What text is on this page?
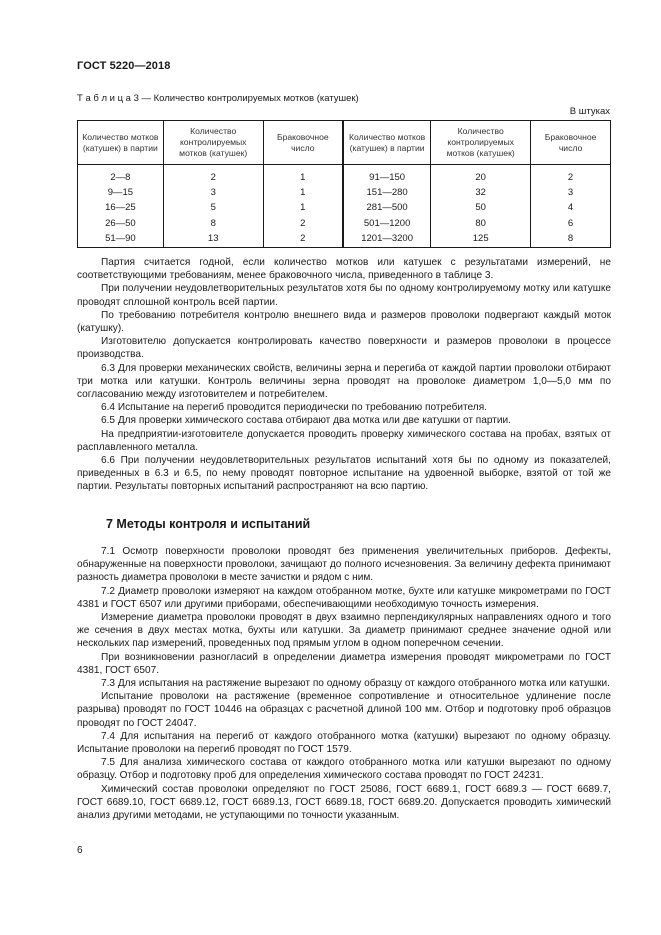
ГОСТ 5220—2018
Т а б л и ц а 3 — Количество контролируемых мотков (катушек)
В штуках
Количество мотков (катушек) в партии	Количество контролируемых мотков (катушек)	Браковочное число	Количество мотков (катушек) в партии	Количество контролируемых мотков (катушек)	Браковочное число
2—8	2	1	91—150	20	2
9—15	3	1	151—280	32	3
16—25	5	1	281—500	50	4
26—50	8	2	501—1200	80	6
51—90	13	2	1201—3200	125	8

Партия считается годной, если количество мотков или катушек с результатами измерений, не соответствующими требованиям, менее браковочного числа, приведенного в таблице 3.

При получении неудовлетворительных результатов хотя бы по одному контролируемому мотку или катушке проводят сплошной контроль всей партии.

По требованию потребителя контролю внешнего вида и размеров проволоки подвергают каждый моток (катушку).

Изготовителю допускается контролировать качество поверхности и размеров проволоки в процессе производства.

6.3 Для проверки механических свойств, величины зерна и перегиба от каждой партии проволоки отбирают три мотка или катушки. Контроль величины зерна проводят на проволоке диаметром 1,0—5,0 мм по согласованию между изготовителем и потребителем.

6.4 Испытание на перегиб проводится периодически по требованию потребителя.

6.5 Для проверки химического состава отбирают два мотка или две катушки от партии.

На предприятии-изготовителе допускается проводить проверку химического состава на пробах, взятых от расплавленного металла.

6.6 При получении неудовлетворительных результатов испытаний хотя бы по одному из показателей, приведенных в 6.3 и 6.5, по нему проводят повторное испытание на удвоенной выборке, взятой от той же партии. Результаты повторных испытаний распространяют на всю партию.

7 Методы контроля и испытаний

7.1 Осмотр поверхности проволоки проводят без применения увеличительных приборов. Дефекты, обнаруженные на поверхности проволоки, зачищают до полного исчезновения. За величину дефекта принимают разность диаметра проволоки в месте зачистки и рядом с ним.

7.2 Диаметр проволоки измеряют на каждом отобранном мотке, бухте или катушке микрометрами по ГОСТ 4381 и ГОСТ 6507 или другими приборами, обеспечивающими необходимую точность измерения.

Измерение диаметра проволоки проводят в двух взаимно перпендикулярных направлениях одного и того же сечения в двух местах мотка, бухты или катушки. За диаметр принимают среднее значение одной или нескольких пар измерений, проведенных под прямым углом в одном поперечном сечении.

При возникновении разногласий в определении диаметра измерения проводят микрометрами по ГОСТ 4381, ГОСТ 6507.

7.3 Для испытания на растяжение вырезают по одному образцу от каждого отобранного мотка или катушки.

Испытание проволоки на растяжение (временное сопротивление и относительное удлинение после разрыва) проводят по ГОСТ 10446 на образцах с расчетной длиной 100 мм. Отбор и подготовку проб образцов проводят по ГОСТ 24047.

7.4 Для испытания на перегиб от каждого отобранного мотка (катушки) вырезают по одному образцу. Испытание проволоки на перегиб проводят по ГОСТ 1579.

7.5 Для анализа химического состава от каждого отобранного мотка или катушки вырезают по одному образцу. Отбор и подготовку проб для определения химического состава проводят по ГОСТ 24231.

Химический состав проволоки определяют по ГОСТ 25086, ГОСТ 6689.1, ГОСТ 6689.3 — ГОСТ 6689.7, ГОСТ 6689.10, ГОСТ 6689.12, ГОСТ 6689.13, ГОСТ 6689.18, ГОСТ 6689.20. Допускается проводить химический анализ другими методами, не уступающими по точности указанным.

6
